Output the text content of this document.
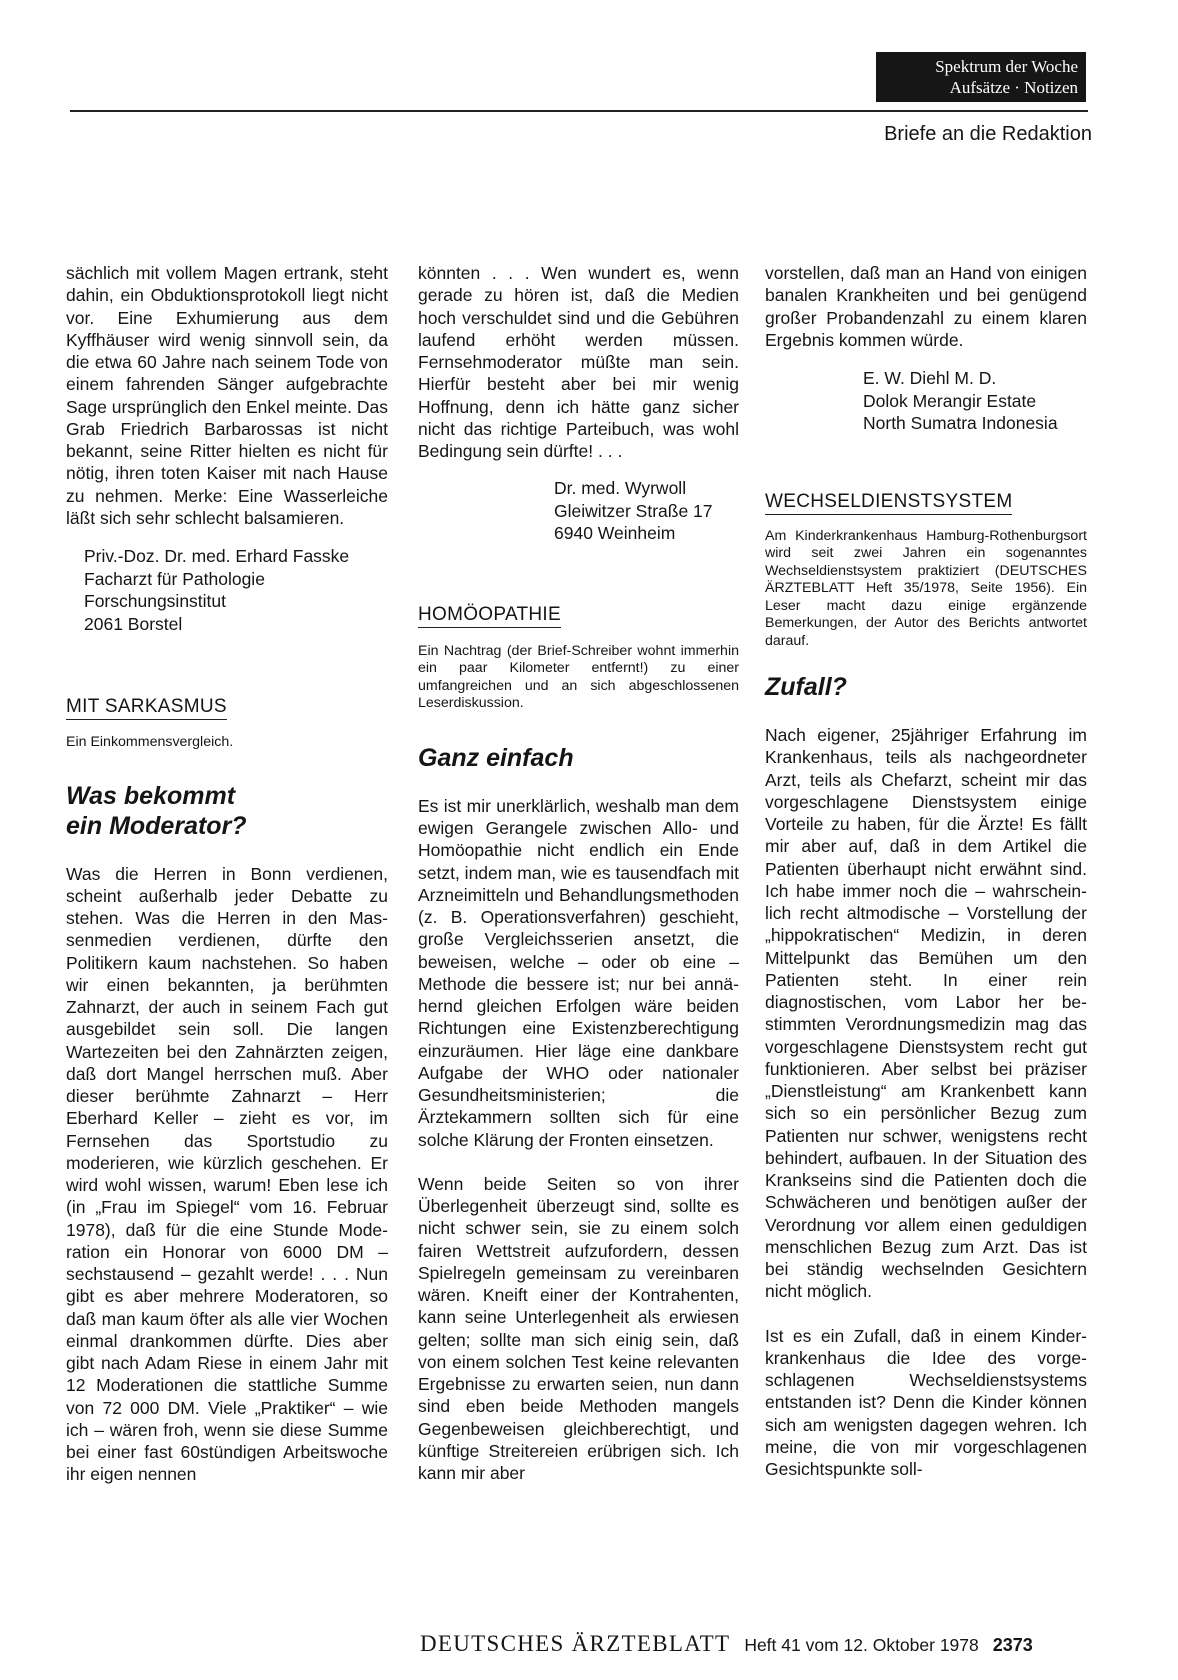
Spektrum der Woche
Aufsätze · Notizen
Briefe an die Redaktion

sächlich mit vollem Magen ertrank, steht dahin, ein Obduktionsprotokoll liegt nicht vor. Eine Exhumierung aus dem Kyffhäuser wird wenig sinnvoll sein, da die etwa 60 Jahre nach seinem Tode von einem fahrenden Sänger aufgebrachte Sage ursprünglich den Enkel meinte. Das Grab Friedrich Barbarossas ist nicht bekannt, seine Ritter hielten es nicht für nötig, ihren toten Kaiser mit nach Hause zu nehmen. Merke: Eine Wasserleiche läßt sich sehr schlecht balsamieren.

Priv.-Doz. Dr. med. Erhard Fasske
Facharzt für Pathologie
Forschungsinstitut
2061 Borstel

MIT SARKASMUS

Ein Einkommensvergleich.

Was bekommt ein Moderator?

Was die Herren in Bonn verdienen, scheint außerhalb jeder Debatte zu stehen. Was die Herren in den Massenmedien verdienen, dürfte den Politikern kaum nachstehen. So haben wir einen bekannten, ja berühmten Zahnarzt, der auch in seinem Fach gut ausgebildet sein soll. Die langen Wartezeiten bei den Zahnärzten zeigen, daß dort Mangel herrschen muß. Aber dieser berühmte Zahnarzt – Herr Eberhard Keller – zieht es vor, im Fernsehen das Sportstudio zu moderieren, wie kürzlich geschehen. Er wird wohl wissen, warum! Eben lese ich (in „Frau im Spiegel“ vom 16. Februar 1978), daß für die eine Stunde Moderation ein Honorar von 6000 DM – sechstausend – gezahlt werde! . . . Nun gibt es aber mehrere Moderatoren, so daß man kaum öfter als alle vier Wochen einmal drankommen dürfte. Dies aber gibt nach Adam Riese in einem Jahr mit 12 Moderationen die stattliche Summe von 72 000 DM. Viele „Praktiker“ – wie ich – wären froh, wenn sie diese Summe bei einer fast 60stündigen Arbeitswoche ihr eigen nennen

könnten . . . Wen wundert es, wenn gerade zu hören ist, daß die Medien hoch verschuldet sind und die Gebühren laufend erhöht werden müssen. Fernsehmoderator müßte man sein. Hierfür besteht aber bei mir wenig Hoffnung, denn ich hätte ganz sicher nicht das richtige Parteibuch, was wohl Bedingung sein dürfte! . . .

Dr. med. Wyrwoll
Gleiwitzer Straße 17
6940 Weinheim

HOMÖOPATHIE

Ein Nachtrag (der Brief-Schreiber wohnt immerhin ein paar Kilometer entfernt!) zu einer umfangreichen und an sich abgeschlossenen Leserdiskussion.

Ganz einfach

Es ist mir unerklärlich, weshalb man dem ewigen Gerangele zwischen Allo- und Homöopathie nicht endlich ein Ende setzt, indem man, wie es tausendfach mit Arzneimitteln und Behandlungsmethoden (z. B. Operationsverfahren) geschieht, große Vergleichsserien ansetzt, die beweisen, welche – oder ob eine – Methode die bessere ist; nur bei annähernd gleichen Erfolgen wäre beiden Richtungen eine Existenzberechtigung einzuräumen. Hier läge eine dankbare Aufgabe der WHO oder nationaler Gesundheitsministerien; die Ärztekammern sollten sich für eine solche Klärung der Fronten einsetzen.

Wenn beide Seiten so von ihrer Überlegenheit überzeugt sind, sollte es nicht schwer sein, sie zu einem solch fairen Wettstreit aufzufordern, dessen Spielregeln gemeinsam zu vereinbaren wären. Kneift einer der Kontrahenten, kann seine Unterlegenheit als erwiesen gelten; sollte man sich einig sein, daß von einem solchen Test keine relevanten Ergebnisse zu erwarten seien, nun dann sind eben beide Methoden mangels Gegenbeweisen gleichberechtigt, und künftige Streitereien erübrigen sich. Ich kann mir aber

vorstellen, daß man an Hand von einigen banalen Krankheiten und bei genügend großer Probandenzahl zu einem klaren Ergebnis kommen würde.

E. W. Diehl M. D.
Dolok Merangir Estate
North Sumatra Indonesia

WECHSELDIENSTSYSTEM

Am Kinderkrankenhaus Hamburg-Rothenburgsort wird seit zwei Jahren ein sogenanntes Wechseldienstsystem praktiziert (DEUTSCHES ÄRZTEBLATT Heft 35/1978, Seite 1956). Ein Leser macht dazu einige ergänzende Bemerkungen, der Autor des Berichts antwortet darauf.

Zufall?

Nach eigener, 25jähriger Erfahrung im Krankenhaus, teils als nachgeordneter Arzt, teils als Chefarzt, scheint mir das vorgeschlagene Dienstsystem einige Vorteile zu haben, für die Ärzte! Es fällt mir aber auf, daß in dem Artikel die Patienten überhaupt nicht erwähnt sind. Ich habe immer noch die – wahrscheinlich recht altmodische – Vorstellung der „hippokratischen“ Medizin, in deren Mittelpunkt das Bemühen um den Patienten steht. In einer rein diagnostischen, vom Labor her bestimmten Verordnungsmedizin mag das vorgeschlagene Dienstsystem recht gut funktionieren. Aber selbst bei präziser „Dienstleistung“ am Krankenbett kann sich so ein persönlicher Bezug zum Patienten nur schwer, wenigstens recht behindert, aufbauen. In der Situation des Krankseins sind die Patienten doch die Schwächeren und benötigen außer der Verordnung vor allem einen geduldigen menschlichen Bezug zum Arzt. Das ist bei ständig wechselnden Gesichtern nicht möglich.

Ist es ein Zufall, daß in einem Kinderkrankenhaus die Idee des vorgeschlagenen Wechseldienstsystems entstanden ist? Denn die Kinder können sich am wenigsten dagegen wehren. Ich meine, die von mir vorgeschlagenen Gesichtspunkte soll-

DEUTSCHES ÄRZTEBLATT Heft 41 vom 12. Oktober 1978 2373
